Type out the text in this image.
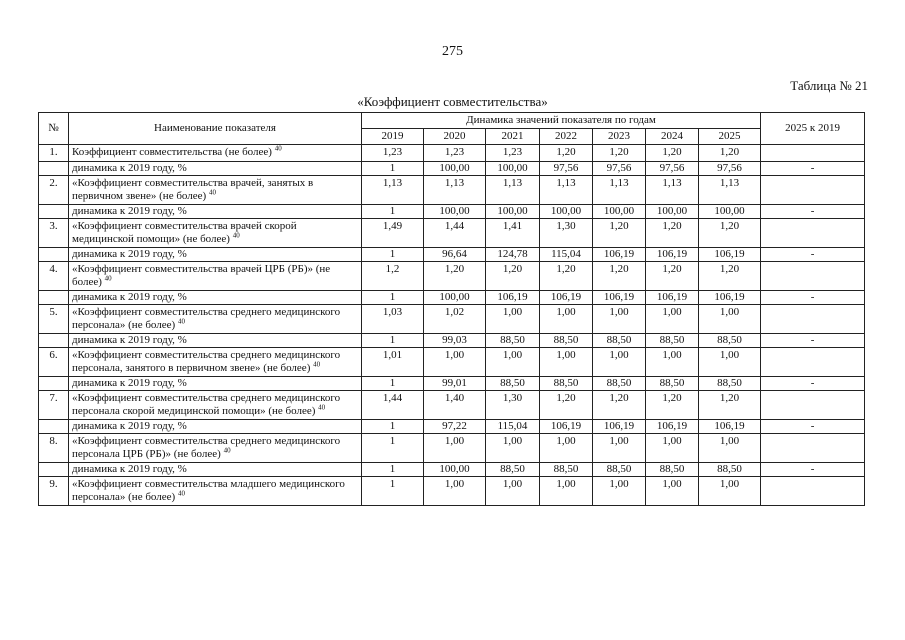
275
Таблица № 21
«Коэффициент совместительства»
№	Наименование показателя	Динамика значений показателя по годам							2025 к 2019
		2019	2020	2021	2022	2023	2024	2025	
1.	Коэффициент совместительства (не более) $^{40}$	1,23	1,23	1,23	1,20	1,20	1,20	1,20	
	динамика к 2019 году, %	1	100,00	100,00	97,56	97,56	97,56	97,56	-
2.	«Коэффициент совместительства врачей, занятых в первичном звене» (не более) $^{40}$	1,13	1,13	1,13	1,13	1,13	1,13	1,13	
	динамика к 2019 году, %	1	100,00	100,00	100,00	100,00	100,00	100,00	-
3.	«Коэффициент совместительства врачей скорой медицинской помощи» (не более) $^{40}$	1,49	1,44	1,41	1,30	1,20	1,20	1,20	
	динамика к 2019 году, %	1	96,64	124,78	115,04	106,19	106,19	106,19	-
4.	«Коэффициент совместительства врачей ЦРБ (РБ)» (не более) $^{40}$	1,2	1,20	1,20	1,20	1,20	1,20	1,20	
	динамика к 2019 году, %	1	100,00	106,19	106,19	106,19	106,19	106,19	-
5.	«Коэффициент совместительства среднего медицинского персонала» (не более) $^{40}$	1,03	1,02	1,00	1,00	1,00	1,00	1,00	
	динамика к 2019 году, %	1	99,03	88,50	88,50	88,50	88,50	88,50	-
6.	«Коэффициент совместительства среднего медицинского персонала, занятого в первичном звене» (не более) $^{40}$	1,01	1,00	1,00	1,00	1,00	1,00	1,00	
	динамика к 2019 году, %	1	99,01	88,50	88,50	88,50	88,50	88,50	-
7.	«Коэффициент совместительства среднего медицинского персонала скорой медицинской помощи» (не более) $^{40}$	1,44	1,40	1,30	1,20	1,20	1,20	1,20	
	динамика к 2019 году, %	1	97,22	115,04	106,19	106,19	106,19	106,19	-
8.	«Коэффициент совместительства среднего медицинского персонала ЦРБ (РБ)» (не более) $^{40}$	1	1,00	1,00	1,00	1,00	1,00	1,00	
	динамика к 2019 году, %	1	100,00	88,50	88,50	88,50	88,50	88,50	-
9.	«Коэффициент совместительства младшего медицинского персонала» (не более) $^{40}$	1	1,00	1,00	1,00	1,00	1,00	1,00	
